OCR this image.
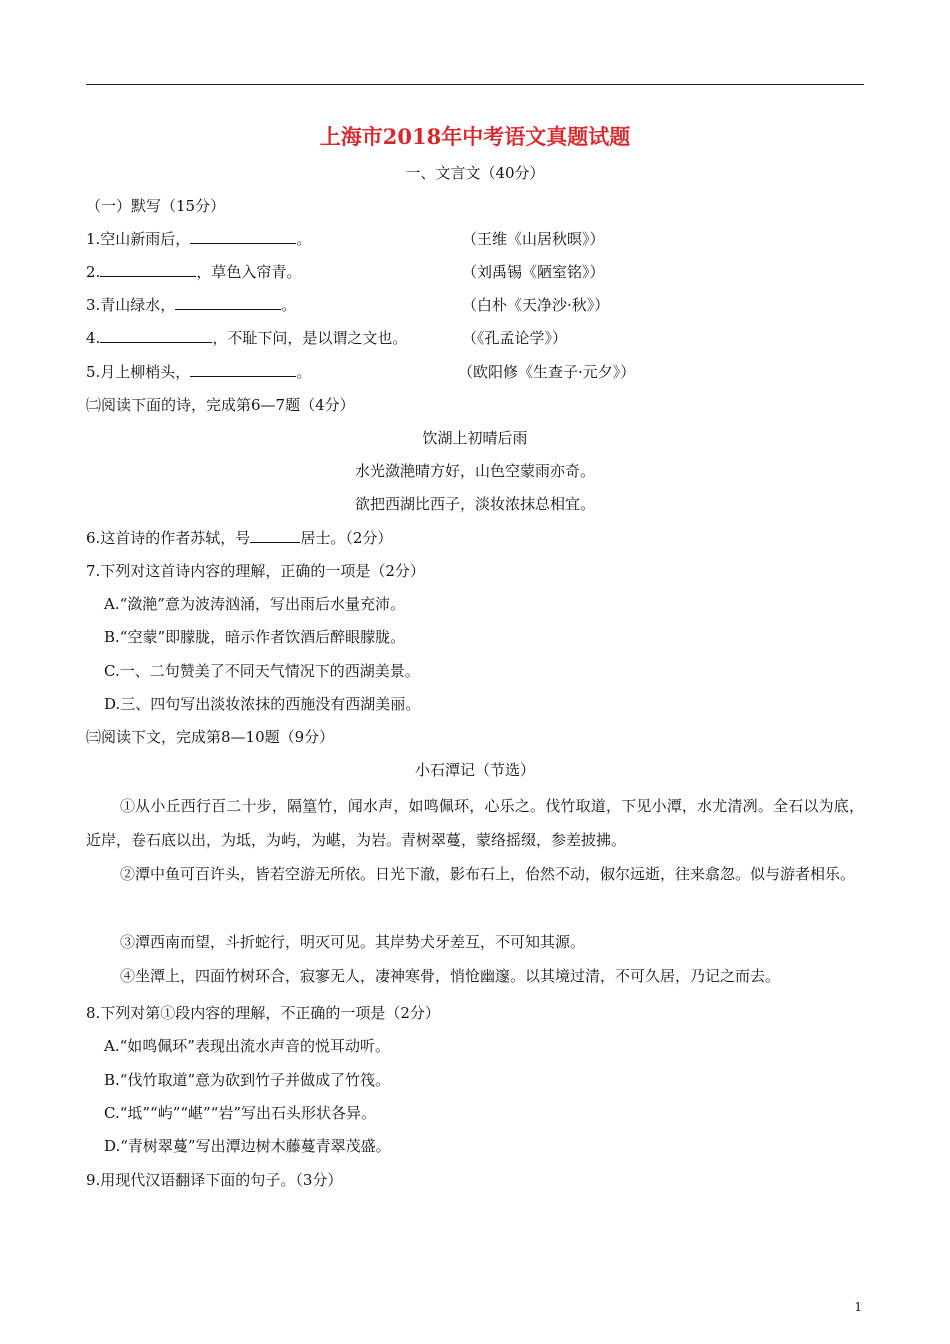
上海市2018年中考语文真题试题
一、文言文（40分）
（一）默写（15分）
1.空山新雨后，	。	（王维《山居秋暝》）
2.	，草色入帘青。	（刘禹锡《陋室铭》）
3.青山绿水，	。	（白朴《天净沙·秋》）
4.	，不耻下问，是以谓之文也。	（《孔孟论学》）
5.月上柳梢头，	。	（欧阳修《生查子·元夕》）
㈡阅读下面的诗，完成第6—7题（4分）
饮湖上初晴后雨
水光潋滟晴方好，山色空蒙雨亦奇。
欲把西湖比西子，淡妆浓抹总相宜。
6.这首诗的作者苏轼，号	居士。（2分）
7.下列对这首诗内容的理解，正确的一项是（2分）
A.“潋滟”意为波涛汹涌，写出雨后水量充沛。
B.“空蒙”即朦胧，暗示作者饮酒后醉眼朦胧。
C.一、二句赞美了不同天气情况下的西湖美景。
D.三、四句写出淡妆浓抹的西施没有西湖美丽。
㈢阅读下文，完成第8—10题（9分）
小石潭记（节选）
①从小丘西行百二十步，隔篁竹，闻水声，如鸣佩环，心乐之。伐竹取道，下见小潭，水尤清冽。全石以为底，近岸，卷石底以出，为坻，为屿，为嵁，为岩。青树翠蔓，蒙络摇缀，参差披拂。
②潭中鱼可百许头，皆若空游无所依。日光下澈，影布石上，佁然不动，俶尔远逝，往来翕忽。似与游者相乐。
③潭西南而望，斗折蛇行，明灭可见。其岸势犬牙差互，不可知其源。
④坐潭上，四面竹树环合，寂寥无人，凄神寒骨，悄怆幽邃。以其境过清，不可久居，乃记之而去。
8.下列对第①段内容的理解，不正确的一项是（2分）
A.“如鸣佩环”表现出流水声音的悦耳动听。
B.“伐竹取道”意为砍到竹子并做成了竹筏。
C.“坻”“屿”“嵁”“岩”写出石头形状各异。
D.“青树翠蔓”写出潭边树木藤蔓青翠茂盛。
9.用现代汉语翻译下面的句子。（3分）
1
